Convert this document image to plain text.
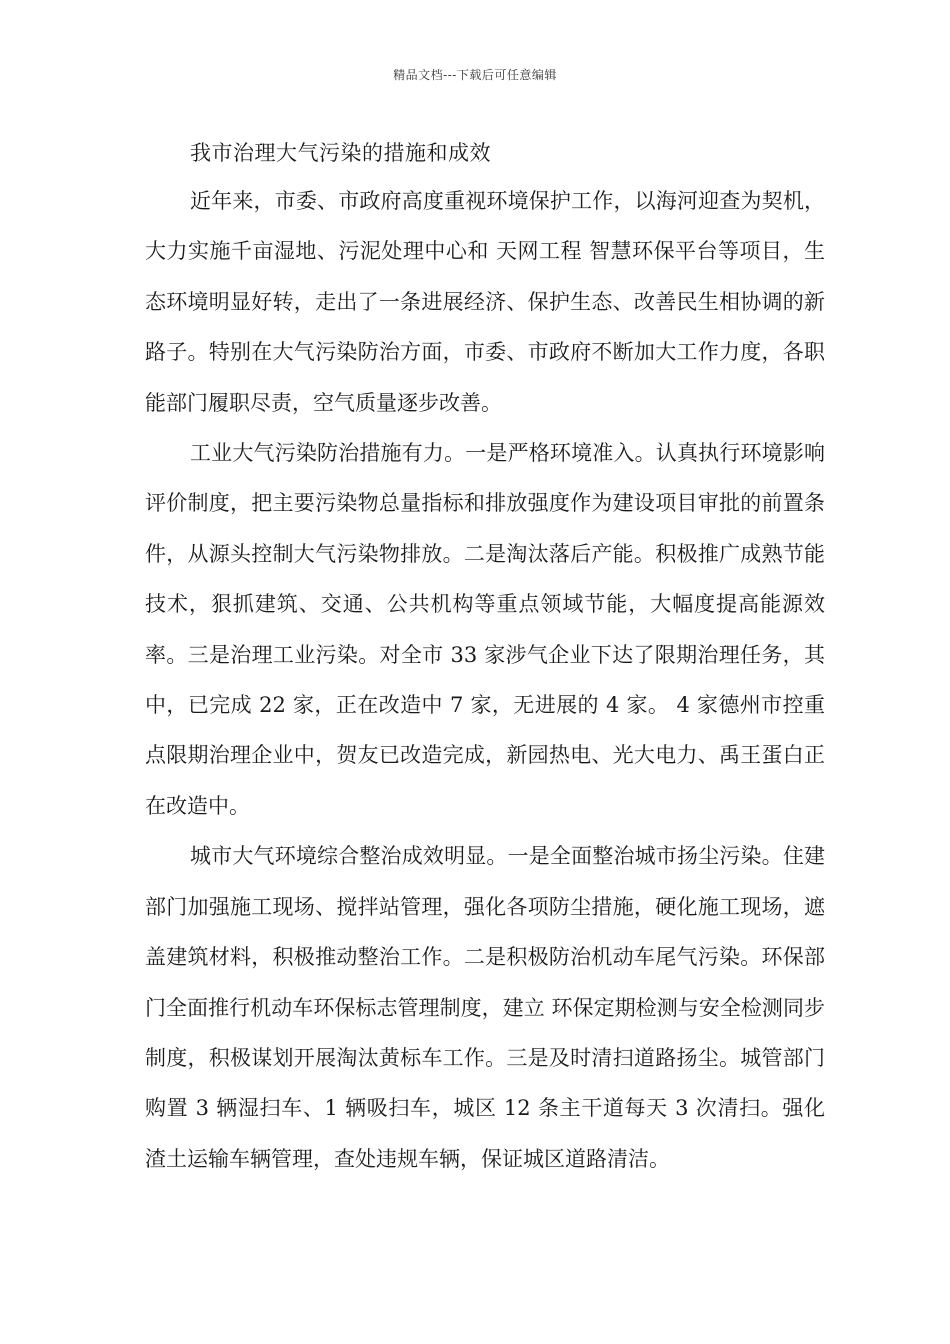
精品文档---下载后可任意编辑
我市治理大气污染的措施和成效

近年来，市委、市政府高度重视环境保护工作，以海河迎查为契机，大力实施千亩湿地、污泥处理中心和 天网工程 智慧环保平台等项目，生态环境明显好转，走出了一条进展经济、保护生态、改善民生相协调的新路子。特别在大气污染防治方面，市委、市政府不断加大工作力度，各职能部门履职尽责，空气质量逐步改善。

工业大气污染防治措施有力。一是严格环境准入。认真执行环境影响评价制度，把主要污染物总量指标和排放强度作为建设项目审批的前置条件，从源头控制大气污染物排放。二是淘汰落后产能。积极推广成熟节能技术，狠抓建筑、交通、公共机构等重点领域节能，大幅度提高能源效率。三是治理工业污染。对全市 33 家涉气企业下达了限期治理任务，其中，已完成 22 家，正在改造中 7 家，无进展的 4 家。 4 家德州市控重点限期治理企业中，贺友已改造完成，新园热电、光大电力、禹王蛋白正在改造中。

城市大气环境综合整治成效明显。一是全面整治城市扬尘污染。住建部门加强施工现场、搅拌站管理，强化各项防尘措施，硬化施工现场，遮盖建筑材料，积极推动整治工作。二是积极防治机动车尾气污染。环保部门全面推行机动车环保标志管理制度，建立 环保定期检测与安全检测同步 制度，积极谋划开展淘汰黄标车工作。三是及时清扫道路扬尘。城管部门购置 3 辆湿扫车、1 辆吸扫车，城区 12 条主干道每天 3 次清扫。强化渣土运输车辆管理，查处违规车辆，保证城区道路清洁。
